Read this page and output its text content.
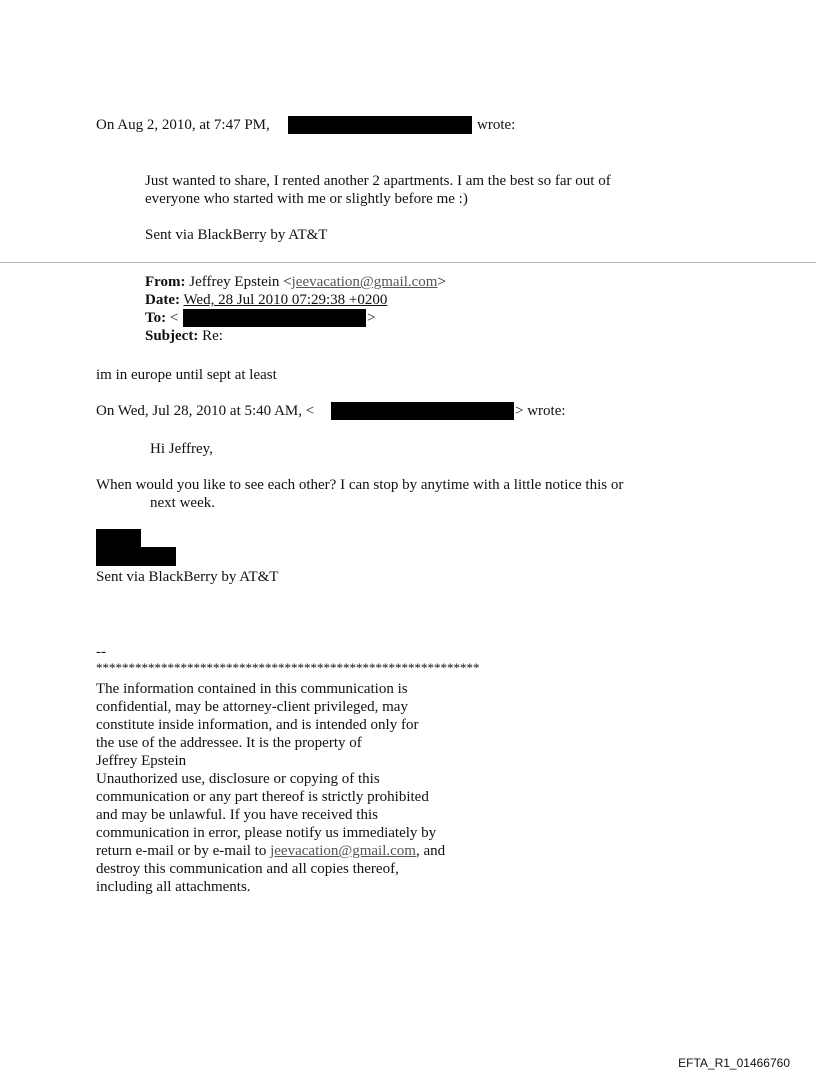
On Aug 2, 2010, at 7:47 PM,	wrote:
Just wanted to share, I rented another 2 apartments. I am the best so far out of
everyone who started with me or slightly before me :)
Sent via BlackBerry by AT&T
From: Jeffrey Epstein <jeevacation@gmail.com>
Date: Wed, 28 Jul 2010 07:29:38 +0200
To: <	>
Subject: Re:
im in europe until sept at least
On Wed, Jul 28, 2010 at 5:40 AM, <	> wrote:
Hi Jeffrey,
When would you like to see each other? I can stop by anytime with a little notice this or
next week.
Sent via BlackBerry by AT&T
--
***********************************************************
The information contained in this communication is
confidential, may be attorney-client privileged, may
constitute inside information, and is intended only for
the use of the addressee. It is the property of
Jeffrey Epstein
Unauthorized use, disclosure or copying of this
communication or any part thereof is strictly prohibited
and may be unlawful. If you have received this
communication in error, please notify us immediately by
return e-mail or by e-mail to jeevacation@gmail.com, and
destroy this communication and all copies thereof,
including all attachments.
EFTA_R1_01466760
